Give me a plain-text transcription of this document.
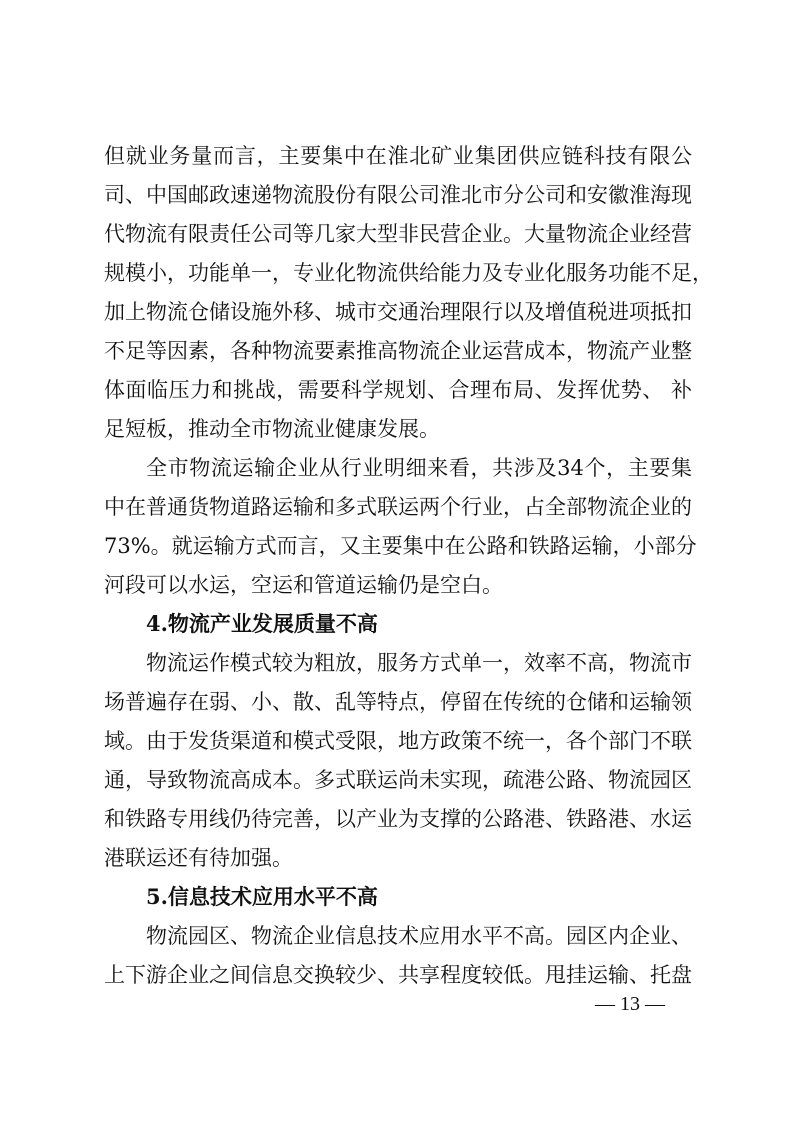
但就业务量而言，主要集中在淮北矿业集团供应链科技有限公
司、中国邮政速递物流股份有限公司淮北市分公司和安徽淮海现
代物流有限责任公司等几家大型非民营企业。大量物流企业经营
规模小，功能单一，专业化物流供给能力及专业化服务功能不足，
加上物流仓储设施外移、城市交通治理限行以及增值税进项抵扣
不足等因素，各种物流要素推高物流企业运营成本，物流产业整
体面临压力和挑战，需要科学规划、合理布局、发挥优势、 补
足短板，推动全市物流业健康发展。
全市物流运输企业从行业明细来看，共涉及34个，主要集
中在普通货物道路运输和多式联运两个行业，占全部物流企业的
73%。就运输方式而言，又主要集中在公路和铁路运输，小部分
河段可以水运，空运和管道运输仍是空白。
4.物流产业发展质量不高
物流运作模式较为粗放，服务方式单一，效率不高，物流市
场普遍存在弱、小、散、乱等特点，停留在传统的仓储和运输领
域。由于发货渠道和模式受限，地方政策不统一，各个部门不联
通，导致物流高成本。多式联运尚未实现，疏港公路、物流园区
和铁路专用线仍待完善，以产业为支撑的公路港、铁路港、水运
港联运还有待加强。
5.信息技术应用水平不高
物流园区、物流企业信息技术应用水平不高。园区内企业、
上下游企业之间信息交换较少、共享程度较低。甩挂运输、托盘
— 13 —
